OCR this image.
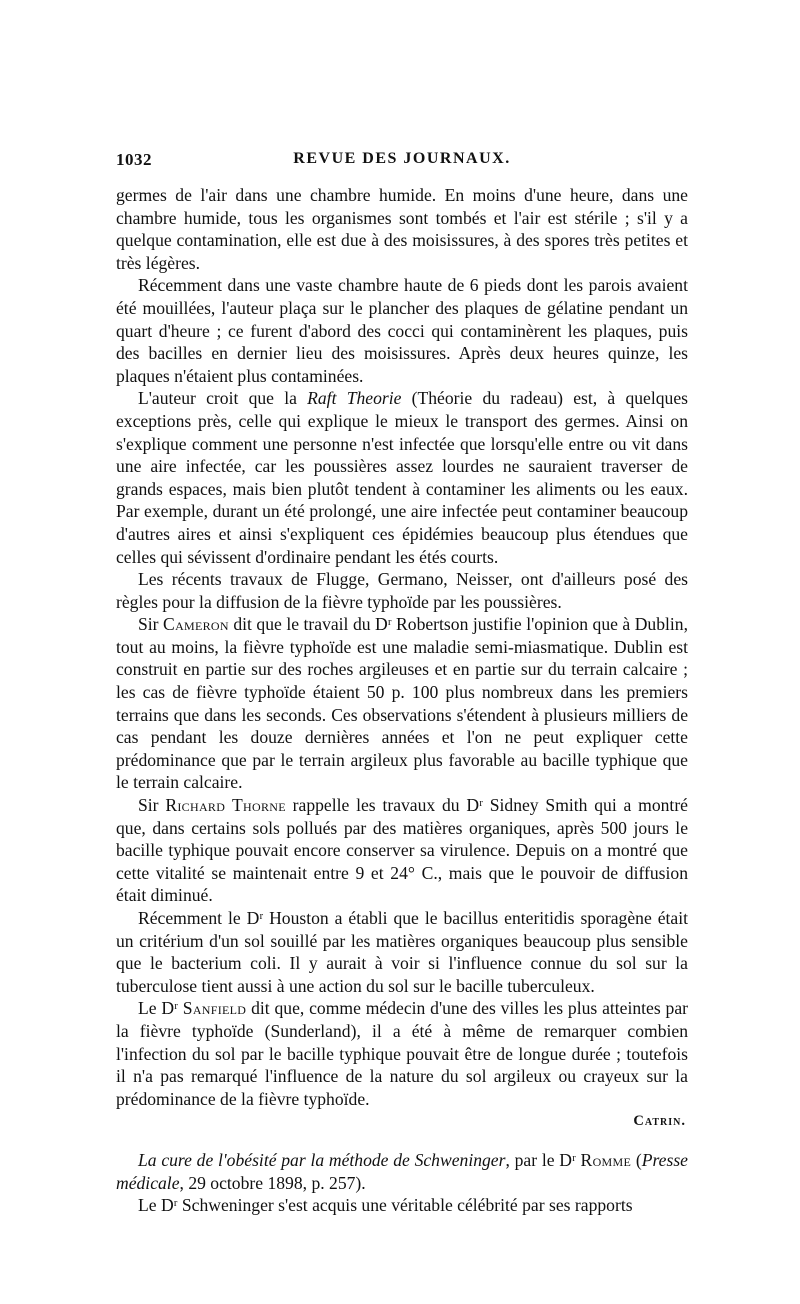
1032	REVUE DES JOURNAUX.

germes de l'air dans une chambre humide. En moins d'une heure, dans une chambre humide, tous les organismes sont tombés et l'air est stérile ; s'il y a quelque contamination, elle est due à des moisissures, à des spores très petites et très légères.

Récemment dans une vaste chambre haute de 6 pieds dont les parois avaient été mouillées, l'auteur plaça sur le plancher des plaques de gélatine pendant un quart d'heure ; ce furent d'abord des cocci qui contaminèrent les plaques, puis des bacilles en dernier lieu des moisissures. Après deux heures quinze, les plaques n'étaient plus contaminées.

L'auteur croit que la Raft Theorie (Théorie du radeau) est, à quelques exceptions près, celle qui explique le mieux le transport des germes. Ainsi on s'explique comment une personne n'est infectée que lorsqu'elle entre ou vit dans une aire infectée, car les poussières assez lourdes ne sauraient traverser de grands espaces, mais bien plutôt tendent à contaminer les aliments ou les eaux. Par exemple, durant un été prolongé, une aire infectée peut contaminer beaucoup d'autres aires et ainsi s'expliquent ces épidémies beaucoup plus étendues que celles qui sévissent d'ordinaire pendant les étés courts.

Les récents travaux de Flugge, Germano, Neisser, ont d'ailleurs posé des règles pour la diffusion de la fièvre typhoïde par les poussières.

Sir Cameron dit que le travail du Dʳ Robertson justifie l'opinion que à Dublin, tout au moins, la fièvre typhoïde est une maladie semi-miasmatique. Dublin est construit en partie sur des roches argileuses et en partie sur du terrain calcaire ; les cas de fièvre typhoïde étaient 50 p. 100 plus nombreux dans les premiers terrains que dans les seconds. Ces observations s'étendent à plusieurs milliers de cas pendant les douze dernières années et l'on ne peut expliquer cette prédominance que par le terrain argileux plus favorable au bacille typhique que le terrain calcaire.

Sir Richard Thorne rappelle les travaux du Dʳ Sidney Smith qui a montré que, dans certains sols pollués par des matières organiques, après 500 jours le bacille typhique pouvait encore conserver sa virulence. Depuis on a montré que cette vitalité se maintenait entre 9 et 24° C., mais que le pouvoir de diffusion était diminué.

Récemment le Dʳ Houston a établi que le bacillus enteritidis sporagène était un critérium d'un sol souillé par les matières organiques beaucoup plus sensible que le bacterium coli. Il y aurait à voir si l'influence connue du sol sur la tuberculose tient aussi à une action du sol sur le bacille tuberculeux.

Le Dʳ Sanfield dit que, comme médecin d'une des villes les plus atteintes par la fièvre typhoïde (Sunderland), il a été à même de remarquer combien l'infection du sol par le bacille typhique pouvait être de longue durée ; toutefois il n'a pas remarqué l'influence de la nature du sol argileux ou crayeux sur la prédominance de la fièvre typhoïde.

Catrin.

La cure de l'obésité par la méthode de Schweninger, par le Dʳ Romme (Presse médicale, 29 octobre 1898, p. 257).

Le Dʳ Schweninger s'est acquis une véritable célébrité par ses rapports
